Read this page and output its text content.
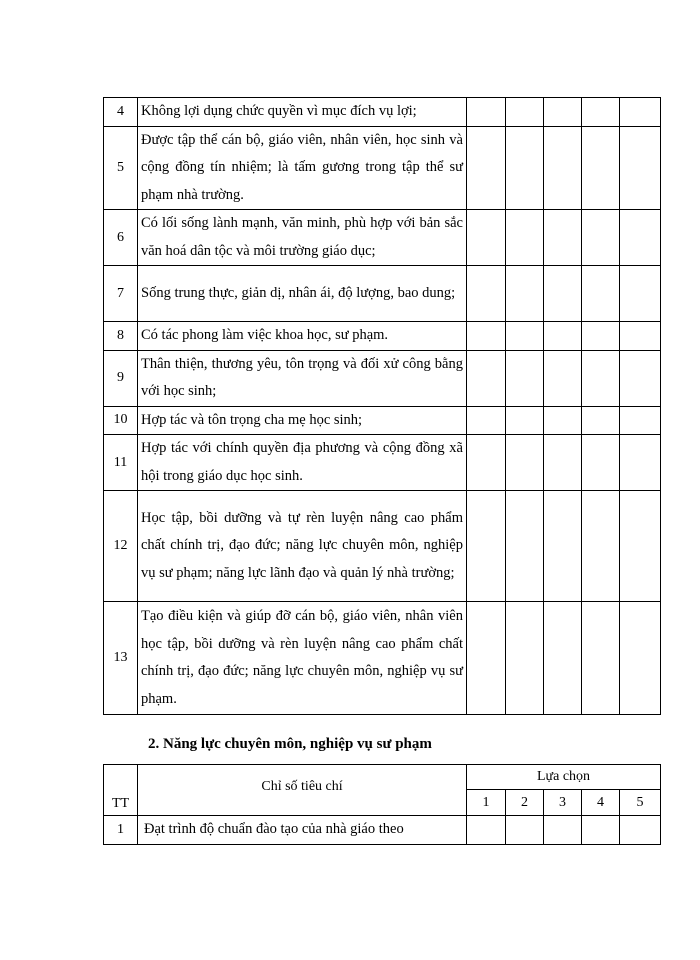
4	Không lợi dụng chức quyền vì mục đích vụ lợi;					
5	Được tập thể cán bộ, giáo viên, nhân viên, học sinh và cộng đồng tín nhiệm; là tấm gương trong tập thể sư phạm nhà trường.					
6	Có lối sống lành mạnh, văn minh, phù hợp với bản sắc văn hoá dân tộc và môi trường giáo dục;					
7	Sống trung thực, giản dị, nhân ái, độ lượng, bao dung;					
8	Có tác phong làm việc khoa học, sư phạm.					
9	Thân thiện, thương yêu, tôn trọng và đối xử công bằng với học sinh;					
10	Hợp tác và tôn trọng cha mẹ học sinh;					
11	Hợp tác với chính quyền địa phương và cộng đồng xã hội trong giáo dục học sinh.					
12	Học tập, bồi dưỡng và tự rèn luyện nâng cao phẩm chất chính trị, đạo đức; năng lực chuyên môn, nghiệp vụ sư phạm; năng lực lãnh đạo và quản lý nhà trường;					
13	Tạo điều kiện và giúp đỡ cán bộ, giáo viên, nhân viên học tập, bồi dưỡng và rèn luyện nâng cao phẩm chất chính trị, đạo đức; năng lực chuyên môn, nghiệp vụ sư phạm.					
2. Năng lực chuyên môn, nghiệp vụ sư phạm
TT	Chỉ số tiêu chí	Lựa chọn				
		1	2	3	4	5
1	Đạt trình độ chuẩn đào tạo của nhà giáo theo					
